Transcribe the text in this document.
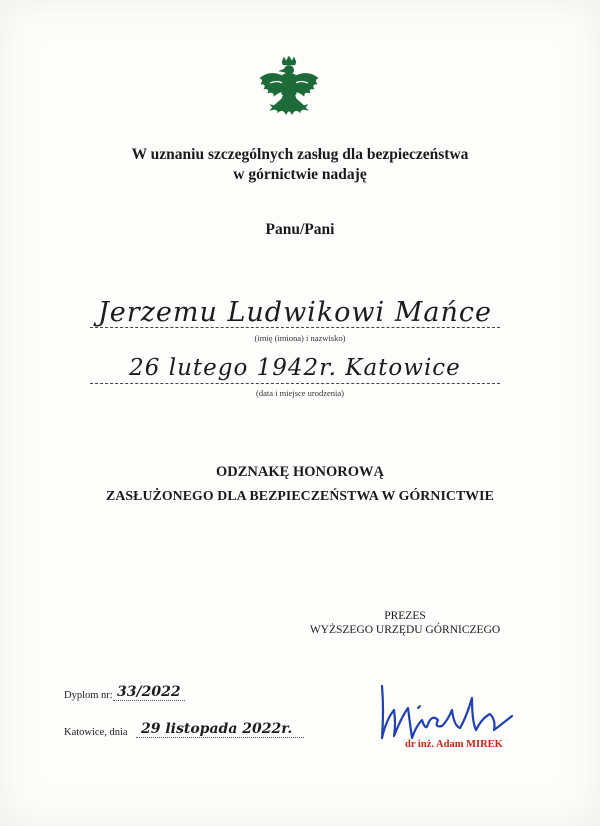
W uznaniu szczególnych zasług dla bezpieczeństwa
w górnictwie nadaję
Panu/Pani
Jerzemu Ludwikowi Mańce
(imię (imiona) i nazwisko)
26 lutego 1942r. Katowice
(data i miejsce urodzenia)
ODZNAKĘ HONOROWĄ
ZASŁUŻONEGO DLA BEZPIECZEŃSTWA W GÓRNICTWIE
PREZES
WYŻSZEGO URZĘDU GÓRNICZEGO
Dyplom nr: 33/2022
Katowice, dnia 29 listopada 2022r.
dr inż. Adam MIREK
